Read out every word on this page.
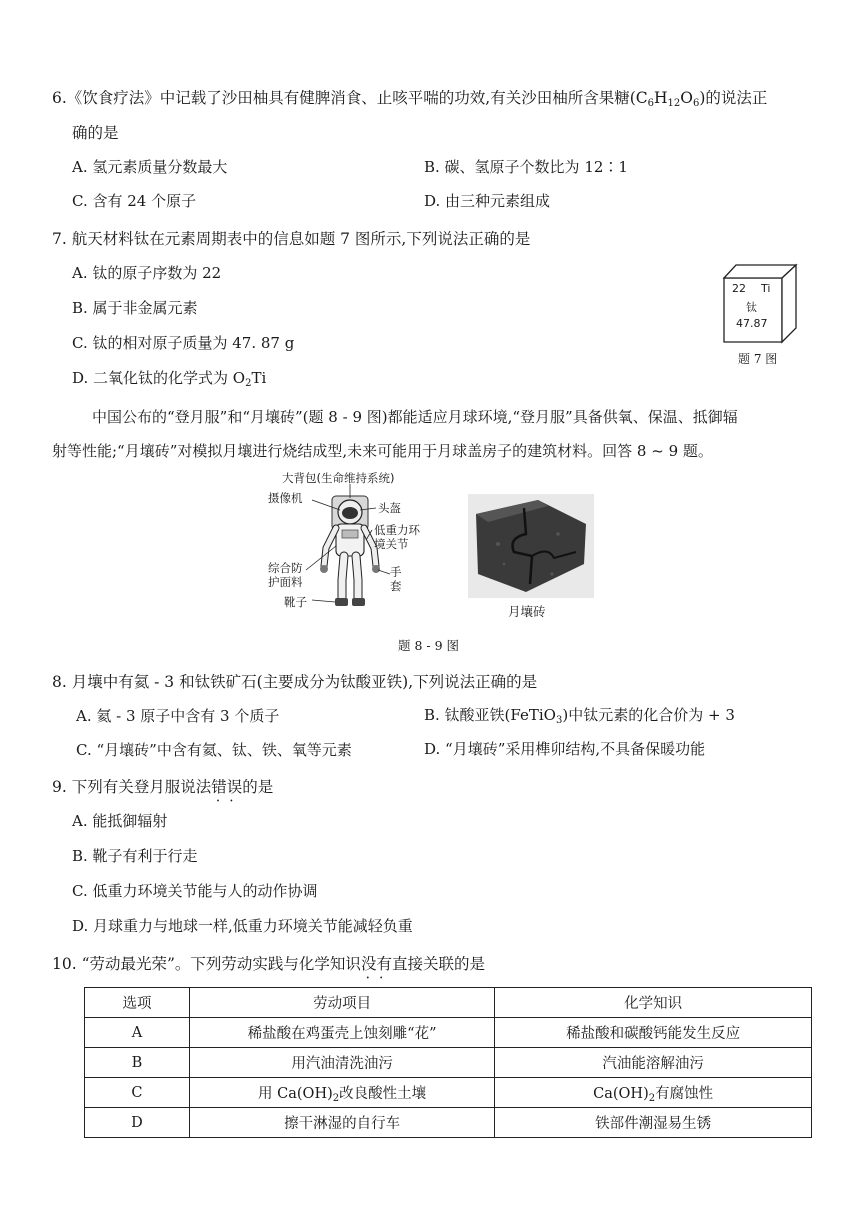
6.《饮食疗法》中记载了沙田柚具有健脾消食、止咳平喘的功效,有关沙田柚所含果糖$(C_6H_{12}O_6)$的说法正
确的是
A. 氢元素质量分数最大	B. 碳、氢原子个数比为 12∶1
C. 含有 24 个原子	D. 由三种元素组成
7. 航天材料钛在元素周期表中的信息如题 7 图所示,下列说法正确的是
A. 钛的原子序数为 22
B. 属于非金属元素
C. 钛的相对原子质量为 47. 87 g
D. 二氧化钛的化学式为 $O_2Ti$
22 Ti
钛
47.87
题 7 图
中国公布的“登月服”和“月壤砖”(题 8 - 9 图)都能适应月球环境,“登月服”具备供氧、保温、抵御辐
射等性能;“月壤砖”对模拟月壤进行烧结成型,未来可能用于月球盖房子的建筑材料。回答 8 ~ 9 题。
大背包(生命维持系统)
摄像机
头盔
低重力环
境关节
综合防
护面料
手
套
靴子
月壤砖
题 8 - 9 图
8. 月壤中有氦 - 3 和钛铁矿石(主要成分为钛酸亚铁),下列说法正确的是
A. 氦 - 3 原子中含有 3 个质子	B. 钛酸亚铁(FeTiO$_3$)中钛元素的化合价为 + 3
C. “月壤砖”中含有氦、钛、铁、氧等元素	D. “月壤砖”采用榫卯结构,不具备保暖功能
9. 下列有关登月服说法错误 • •的是
A. 能抵御辐射
B. 靴子有利于行走
C. 低重力环境关节能与人的动作协调
D. 月球重力与地球一样,低重力环境关节能减轻负重
10. “劳动最光荣”。下列劳动实践与化学知识没有 • •直接关联的是
选项	劳动项目	化学知识
A	稀盐酸在鸡蛋壳上蚀刻雕“花”	稀盐酸和碳酸钙能发生反应
B	用汽油清洗油污	汽油能溶解油污
C	用 $Ca(OH)_2$改良酸性土壤	$Ca(OH)_2$有腐蚀性
D	擦干淋湿的自行车	铁部件潮湿易生锈
